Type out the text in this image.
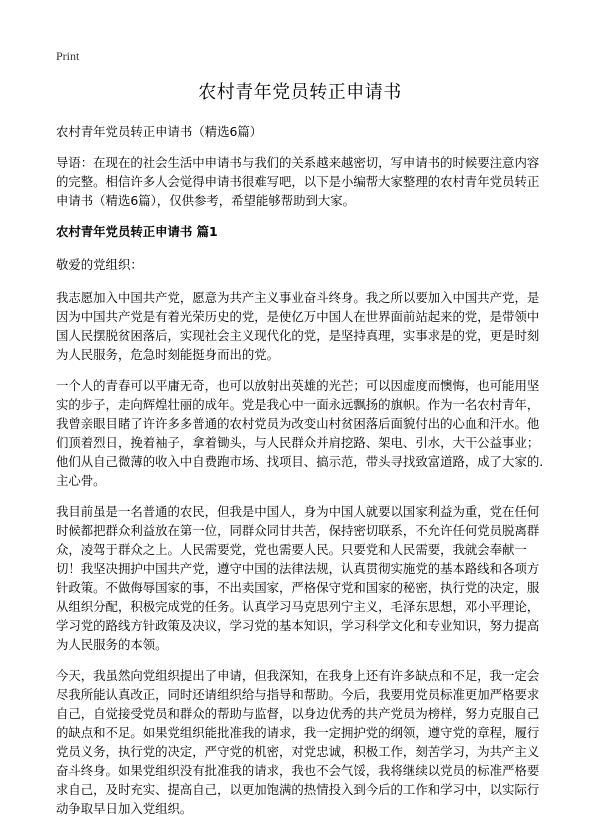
Print
农村青年党员转正申请书

农村青年党员转正申请书（精选6篇）

导语：在现在的社会生活中申请书与我们的关系越来越密切，写申请书的时候要注意内容的完整。相信许多人会觉得申请书很难写吧，以下是小编帮大家整理的农村青年党员转正申请书（精选6篇），仅供参考，希望能够帮助到大家。

农村青年党员转正申请书 篇1

敬爱的党组织：

我志愿加入中国共产党，愿意为共产主义事业奋斗终身。我之所以要加入中国共产党，是因为中国共产党是有着光荣历史的党，是使亿万中国人在世界面前站起来的党，是带领中国人民摆脱贫困落后，实现社会主义现代化的党，是坚持真理，实事求是的党，更是时刻为人民服务，危急时刻能挺身而出的党。

一个人的青春可以平庸无奇，也可以放射出英雄的光芒；可以因虚度而懊悔，也可能用坚实的步子，走向辉煌壮丽的成年。党是我心中一面永远飘扬的旗帜。作为一名农村青年，我曾亲眼目睹了许许多多普通的农村党员为改变山村贫困落后面貌付出的心血和汗水。他们顶着烈日，挽着袖子，拿着锄头，与人民群众并肩挖路、架电、引水，大干公益事业；他们从自己微薄的收入中自费跑市场、找项目、搞示范，带头寻找致富道路，成了大家的.主心骨。

我目前虽是一名普通的农民，但我是中国人，身为中国人就要以国家利益为重，党在任何时候都把群众利益放在第一位，同群众同甘共苦，保持密切联系，不允许任何党员脱离群众，凌驾于群众之上。人民需要党，党也需要人民。只要党和人民需要，我就会奉献一切！我坚决拥护中国共产党，遵守中国的法律法规，认真贯彻实施党的基本路线和各项方针政策。不做侮辱国家的事，不出卖国家，严格保守党和国家的秘密，执行党的决定，服从组织分配，积极完成党的任务。认真学习马克思列宁主义，毛泽东思想，邓小平理论，学习党的路线方针政策及决议，学习党的基本知识，学习科学文化和专业知识，努力提高为人民服务的本领。

今天，我虽然向党组织提出了申请，但我深知，在我身上还有许多缺点和不足，我一定会尽我所能认真改正，同时还请组织给与指导和帮助。今后，我要用党员标准更加严格要求自己，自觉接受党员和群众的帮助与监督，以身边优秀的共产党员为榜样，努力克服自己的缺点和不足。如果党组织能批准我的请求，我一定拥护党的纲领，遵守党的章程，履行党员义务，执行党的决定，严守党的机密，对党忠诚，积极工作，刻苦学习，为共产主义奋斗终身。如果党组织没有批准我的请求，我也不会气馁，我将继续以党员的标准严格要求自己，及时充实、提高自己，以更加饱满的热情投入到今后的工作和学习中，以实际行动争取早日加入党组织。
